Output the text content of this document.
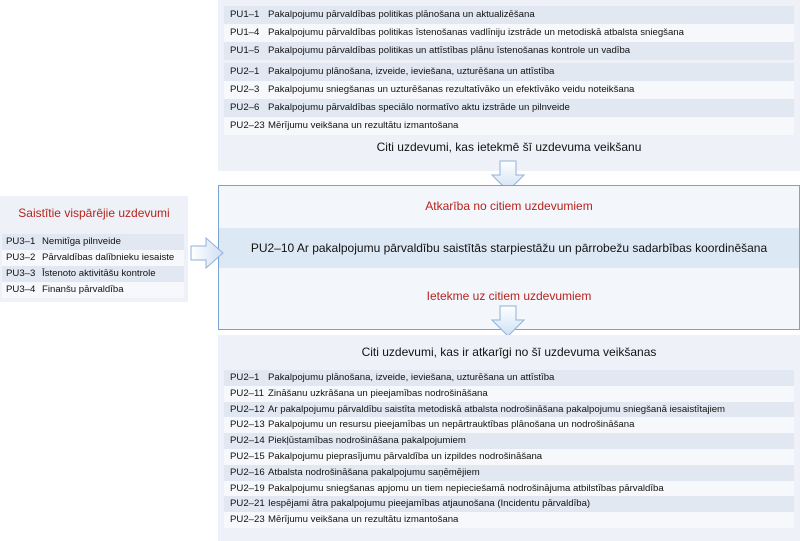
PU1–1 Pakalpojumu pārvaldības politikas plānošana un aktualizēšana
PU1–4 Pakalpojumu pārvaldības politikas īstenošanas vadlīniju izstrāde un metodiskā atbalsta sniegšana
PU1–5 Pakalpojumu pārvaldības politikas un attīstības plānu īstenošanas kontrole un vadība
PU2–1 Pakalpojumu plānošana, izveide, ieviešana, uzturēšana un attīstība
PU2–3 Pakalpojumu sniegšanas un uzturēšanas rezultatīvāko un efektīvāko veidu noteikšana
PU2–6 Pakalpojumu pārvaldības speciālo normatīvo aktu izstrāde un pilnveide
PU2–23 Mērījumu veikšana un rezultātu izmantošana
Citi uzdevumi, kas ietekmē šī uzdevuma veikšanu
Atkarība no citiem uzdevumiem
PU2–10 Ar pakalpojumu pārvaldību saistītās starpiestāžu un pārrobežu sadarbības koordinēšana
Ietekme uz citiem uzdevumiem
Saistītie vispārējie uzdevumi
PU3–1 Nemitīga pilnveide
PU3–2 Pārvaldības dalībnieku iesaiste
PU3–3 Īstenoto aktivitāšu kontrole
PU3–4 Finanšu pārvaldība
Citi uzdevumi, kas ir atkarīgi no šī uzdevuma veikšanas
PU2–1 Pakalpojumu plānošana, izveide, ieviešana, uzturēšana un attīstība
PU2–11 Zināšanu uzkrāšana un pieejamības nodrošināšana
PU2–12 Ar pakalpojumu pārvaldību saistīta metodiskā atbalsta nodrošināšana pakalpojumu sniegšanā iesaistītajiem
PU2–13 Pakalpojumu un resursu pieejamības un nepārtrauktības plānošana un nodrošināšana
PU2–14 Piekļūstamības nodrošināšana pakalpojumiem
PU2–15 Pakalpojumu pieprasījumu pārvaldība un izpildes nodrošināšana
PU2–16 Atbalsta nodrošināšana pakalpojumu saņēmējiem
PU2–19 Pakalpojumu sniegšanas apjomu un tiem nepieciešamā nodrošinājuma atbilstības pārvaldība
PU2–21 Iespējami ātra pakalpojumu pieejamības atjaunošana (Incidentu pārvaldība)
PU2–23 Mērījumu veikšana un rezultātu izmantošana
